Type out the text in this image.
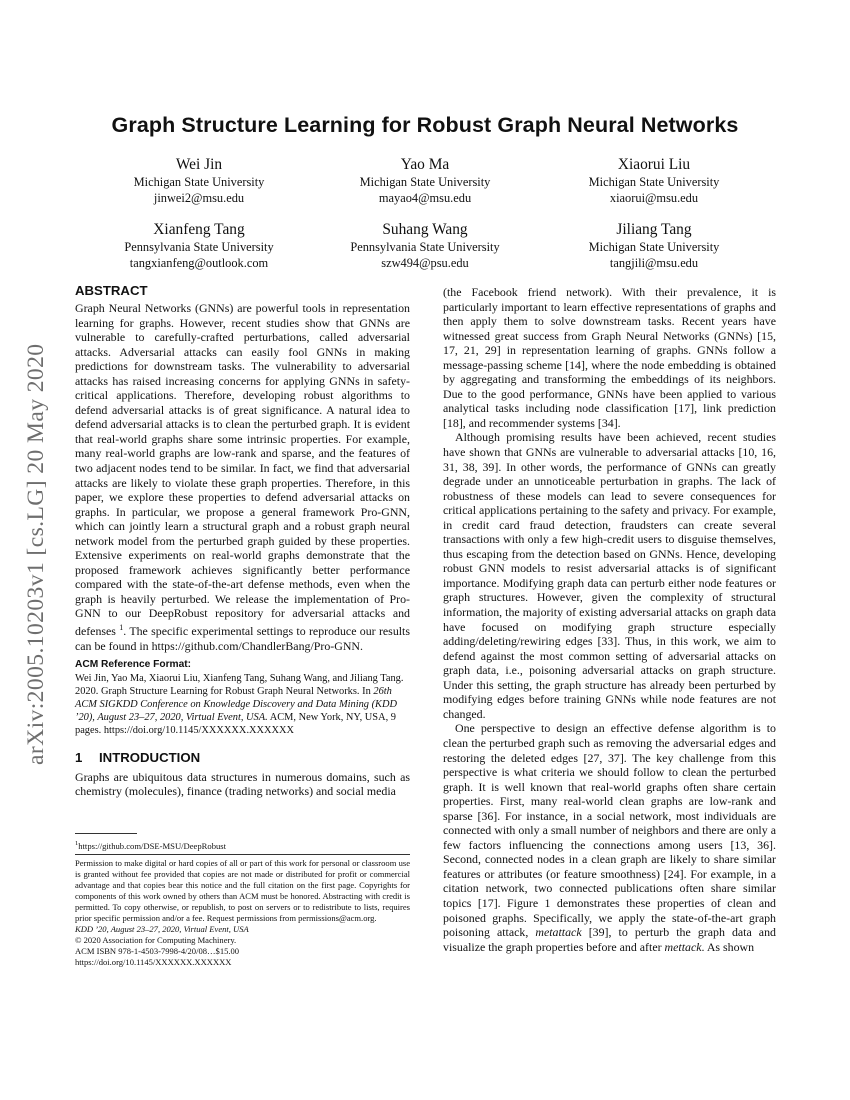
Graph Structure Learning for Robust Graph Neural Networks
Wei Jin
Michigan State University
jinwei2@msu.edu
Yao Ma
Michigan State University
mayao4@msu.edu
Xiaorui Liu
Michigan State University
xiaorui@msu.edu
Xianfeng Tang
Pennsylvania State University
tangxianfeng@outlook.com
Suhang Wang
Pennsylvania State University
szw494@psu.edu
Jiliang Tang
Michigan State University
tangjili@msu.edu
arXiv:2005.10203v1 [cs.LG] 20 May 2020
ABSTRACT

Graph Neural Networks (GNNs) are powerful tools in representation learning for graphs. However, recent studies show that GNNs are vulnerable to carefully-crafted perturbations, called adversarial attacks. Adversarial attacks can easily fool GNNs in making predictions for downstream tasks. The vulnerability to adversarial attacks has raised increasing concerns for applying GNNs in safety-critical applications. Therefore, developing robust algorithms to defend adversarial attacks is of great significance. A natural idea to defend adversarial attacks is to clean the perturbed graph. It is evident that real-world graphs share some intrinsic properties. For example, many real-world graphs are low-rank and sparse, and the features of two adjacent nodes tend to be similar. In fact, we find that adversarial attacks are likely to violate these graph properties. Therefore, in this paper, we explore these properties to defend adversarial attacks on graphs. In particular, we propose a general framework Pro-GNN, which can jointly learn a structural graph and a robust graph neural network model from the perturbed graph guided by these properties. Extensive experiments on real-world graphs demonstrate that the proposed framework achieves significantly better performance compared with the state-of-the-art defense methods, even when the graph is heavily perturbed. We release the implementation of Pro-GNN to our DeepRobust repository for adversarial attacks and defenses $^1$. The specific experimental settings to reproduce our results can be found in https://github.com/ChandlerBang/Pro-GNN.

ACM Reference Format:

Wei Jin, Yao Ma, Xiaorui Liu, Xianfeng Tang, Suhang Wang, and Jiliang Tang. 2020. Graph Structure Learning for Robust Graph Neural Networks. In 26th ACM SIGKDD Conference on Knowledge Discovery and Data Mining (KDD ’20), August 23–27, 2020, Virtual Event, USA. ACM, New York, NY, USA, 9 pages. https://doi.org/10.1145/XXXXXX.XXXXXX

1 INTRODUCTION

Graphs are ubiquitous data structures in numerous domains, such as chemistry (molecules), finance (trading networks) and social media

$^1$https://github.com/DSE-MSU/DeepRobust

Permission to make digital or hard copies of all or part of this work for personal or classroom use is granted without fee provided that copies are not made or distributed for profit or commercial advantage and that copies bear this notice and the full citation on the first page. Copyrights for components of this work owned by others than ACM must be honored. Abstracting with credit is permitted. To copy otherwise, or republish, to post on servers or to redistribute to lists, requires prior specific permission and/or a fee. Request permissions from permissions@acm.org.

KDD ’20, August 23–27, 2020, Virtual Event, USA

© 2020 Association for Computing Machinery.

ACM ISBN 978-1-4503-7998-4/20/08…$15.00

https://doi.org/10.1145/XXXXXX.XXXXXX

(the Facebook friend network). With their prevalence, it is particularly important to learn effective representations of graphs and then apply them to solve downstream tasks. Recent years have witnessed great success from Graph Neural Networks (GNNs) [15, 17, 21, 29] in representation learning of graphs. GNNs follow a message-passing scheme [14], where the node embedding is obtained by aggregating and transforming the embeddings of its neighbors. Due to the good performance, GNNs have been applied to various analytical tasks including node classification [17], link prediction [18], and recommender systems [34].

Although promising results have been achieved, recent studies have shown that GNNs are vulnerable to adversarial attacks [10, 16, 31, 38, 39]. In other words, the performance of GNNs can greatly degrade under an unnoticeable perturbation in graphs. The lack of robustness of these models can lead to severe consequences for critical applications pertaining to the safety and privacy. For example, in credit card fraud detection, fraudsters can create several transactions with only a few high-credit users to disguise themselves, thus escaping from the detection based on GNNs. Hence, developing robust GNN models to resist adversarial attacks is of significant importance. Modifying graph data can perturb either node features or graph structures. However, given the complexity of structural information, the majority of existing adversarial attacks on graph data have focused on modifying graph structure especially adding/deleting/rewiring edges [33]. Thus, in this work, we aim to defend against the most common setting of adversarial attacks on graph data, i.e., poisoning adversarial attacks on graph structure. Under this setting, the graph structure has already been perturbed by modifying edges before training GNNs while node features are not changed.

One perspective to design an effective defense algorithm is to clean the perturbed graph such as removing the adversarial edges and restoring the deleted edges [27, 37]. The key challenge from this perspective is what criteria we should follow to clean the perturbed graph. It is well known that real-world graphs often share certain properties. First, many real-world clean graphs are low-rank and sparse [36]. For instance, in a social network, most individuals are connected with only a small number of neighbors and there are only a few factors influencing the connections among users [13, 36]. Second, connected nodes in a clean graph are likely to share similar features or attributes (or feature smoothness) [24]. For example, in a citation network, two connected publications often share similar topics [17]. Figure 1 demonstrates these properties of clean and poisoned graphs. Specifically, we apply the state-of-the-art graph poisoning attack, metattack [39], to perturb the graph data and visualize the graph properties before and after mettack. As shown
